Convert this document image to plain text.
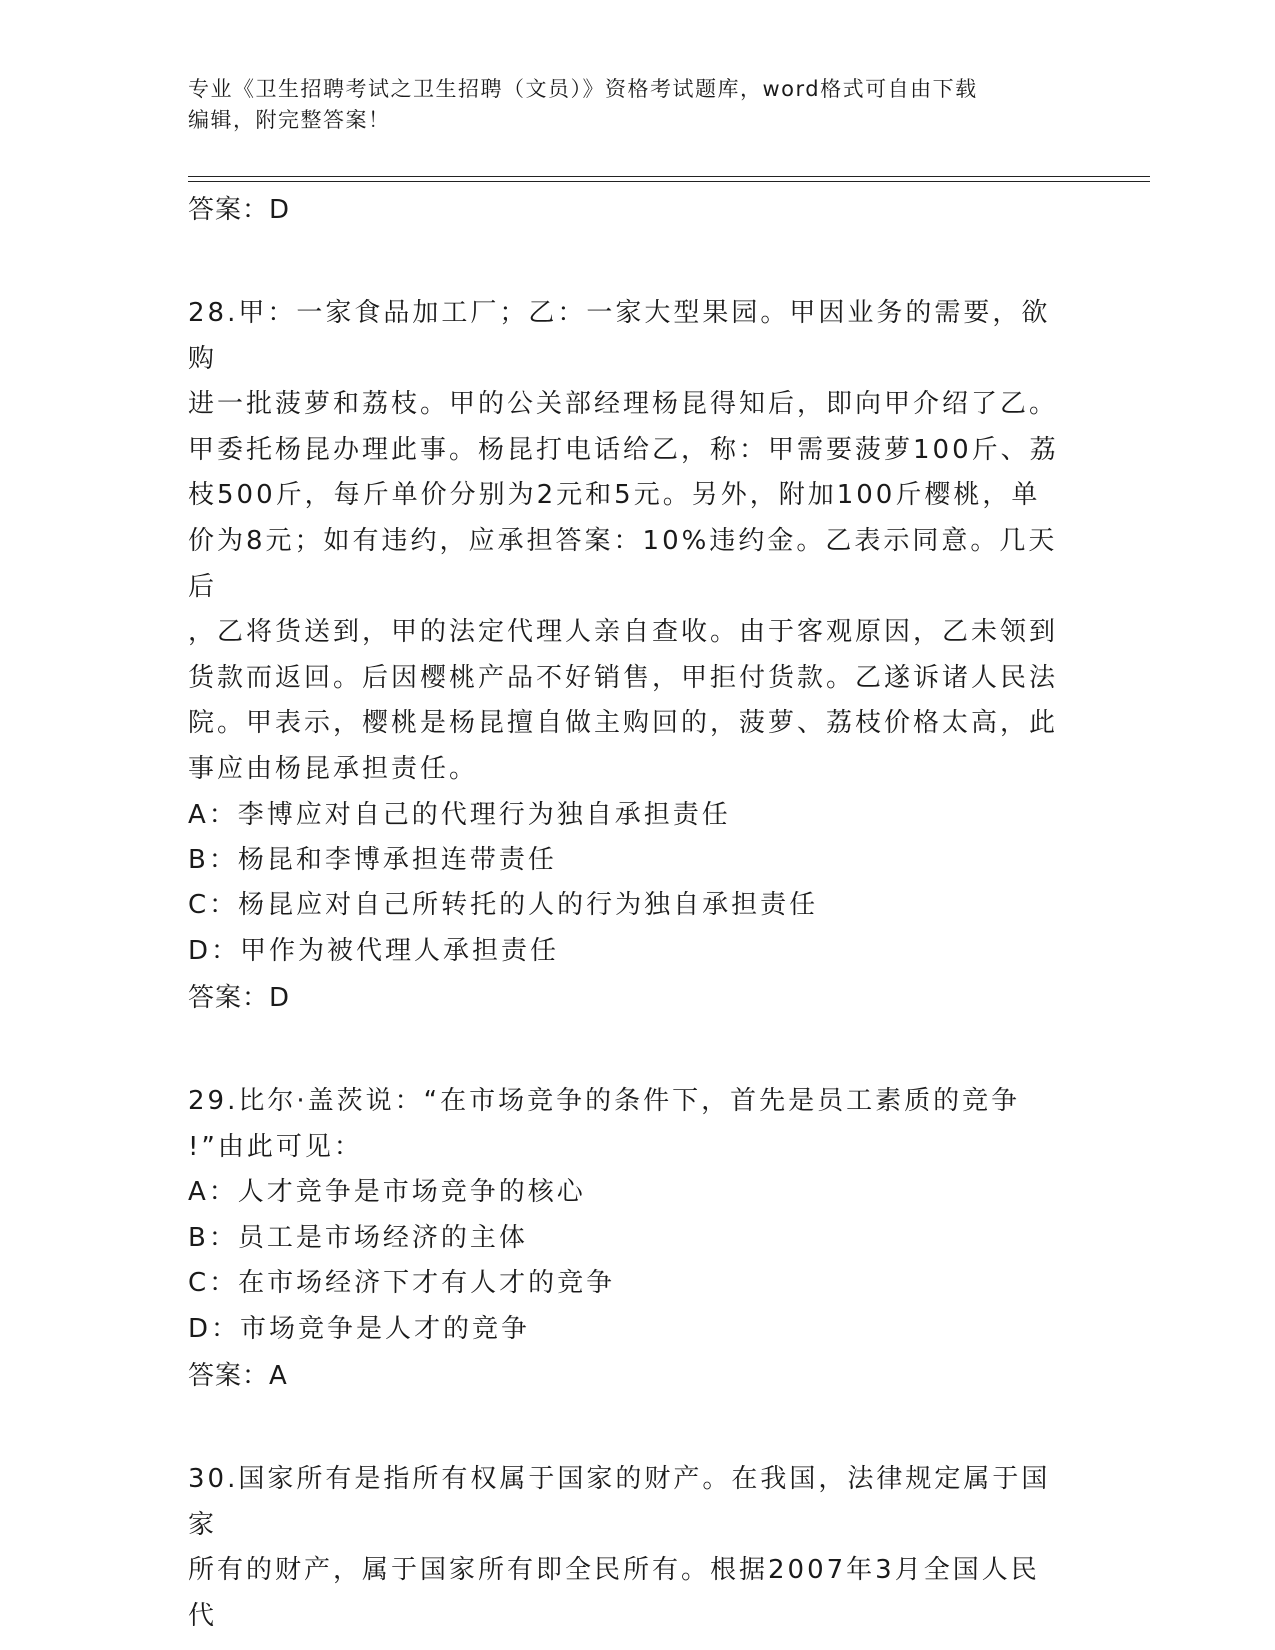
专业《卫生招聘考试之卫生招聘（文员）》资格考试题库，word格式可自由下载
编辑，附完整答案！

答案：D

28.甲：一家食品加工厂；乙：一家大型果园。甲因业务的需要，欲购

进一批菠萝和荔枝。甲的公关部经理杨昆得知后，即向甲介绍了乙。

甲委托杨昆办理此事。杨昆打电话给乙，称：甲需要菠萝100斤、荔

枝500斤，每斤单价分别为2元和5元。另外，附加100斤樱桃，单

价为8元；如有违约，应承担答案：10%违约金。乙表示同意。几天后

，乙将货送到，甲的法定代理人亲自查收。由于客观原因，乙未领到

货款而返回。后因樱桃产品不好销售，甲拒付货款。乙遂诉诸人民法

院。甲表示，樱桃是杨昆擅自做主购回的，菠萝、荔枝价格太高，此

事应由杨昆承担责任。

A：李博应对自己的代理行为独自承担责任

B：杨昆和李博承担连带责任

C：杨昆应对自己所转托的人的行为独自承担责任

D：甲作为被代理人承担责任

答案：D

29.比尔·盖茨说：“在市场竞争的条件下，首先是员工素质的竞争

!”由此可见：

A：人才竞争是市场竞争的核心

B：员工是市场经济的主体

C：在市场经济下才有人才的竞争

D：市场竞争是人才的竞争

答案：A

30.国家所有是指所有权属于国家的财产。在我国，法律规定属于国家

所有的财产，属于国家所有即全民所有。根据2007年3月全国人民代
